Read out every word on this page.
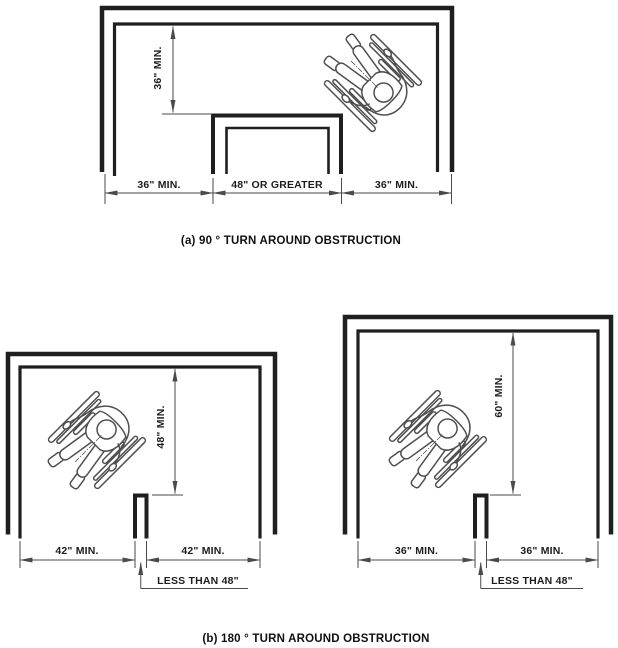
36" MIN.
36" MIN.	48" OR GREATER	36" MIN.
(a) 90 ° TURN AROUND OBSTRUCTION
48" MIN.
42" MIN.	42" MIN.
LESS THAN 48"
60" MIN.
36" MIN.	36" MIN.
LESS THAN 48"
(b) 180 ° TURN AROUND OBSTRUCTION
